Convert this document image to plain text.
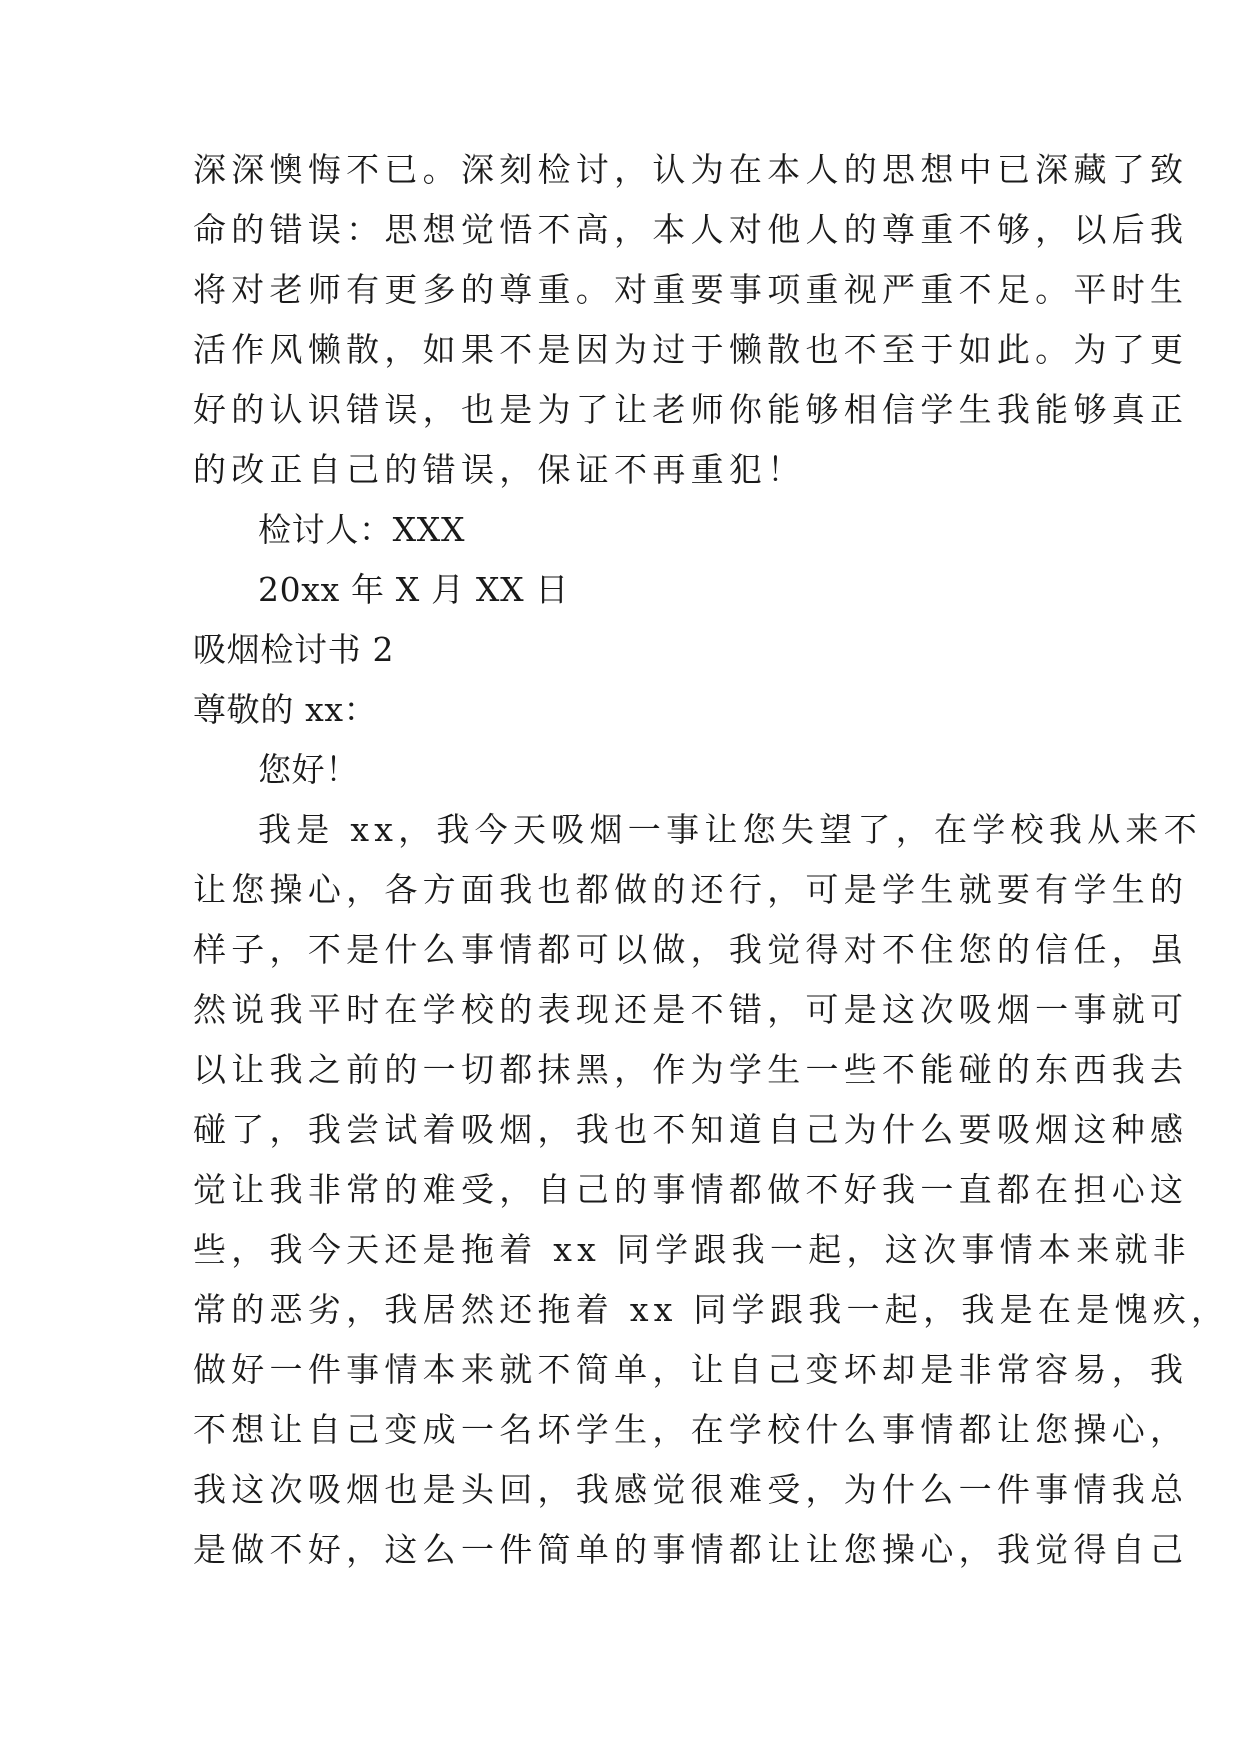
深深懊悔不已。深刻检讨，认为在本人的思想中已深藏了致
命的错误：思想觉悟不高，本人对他人的尊重不够，以后我
将对老师有更多的尊重。对重要事项重视严重不足。平时生
活作风懒散，如果不是因为过于懒散也不至于如此。为了更
好的认识错误，也是为了让老师你能够相信学生我能够真正
的改正自己的错误，保证不再重犯！
检讨人：XXX
20xx 年 X 月 XX 日
吸烟检讨书 2
尊敬的 xx：
您好！
我是 xx，我今天吸烟一事让您失望了，在学校我从来不
让您操心，各方面我也都做的还行，可是学生就要有学生的
样子，不是什么事情都可以做，我觉得对不住您的信任，虽
然说我平时在学校的表现还是不错，可是这次吸烟一事就可
以让我之前的一切都抹黑，作为学生一些不能碰的东西我去
碰了，我尝试着吸烟，我也不知道自己为什么要吸烟这种感
觉让我非常的难受，自己的事情都做不好我一直都在担心这
些，我今天还是拖着 xx 同学跟我一起，这次事情本来就非
常的恶劣，我居然还拖着 xx 同学跟我一起，我是在是愧疚，
做好一件事情本来就不简单，让自己变坏却是非常容易，我
不想让自己变成一名坏学生，在学校什么事情都让您操心，
我这次吸烟也是头回，我感觉很难受，为什么一件事情我总
是做不好，这么一件简单的事情都让让您操心，我觉得自己
